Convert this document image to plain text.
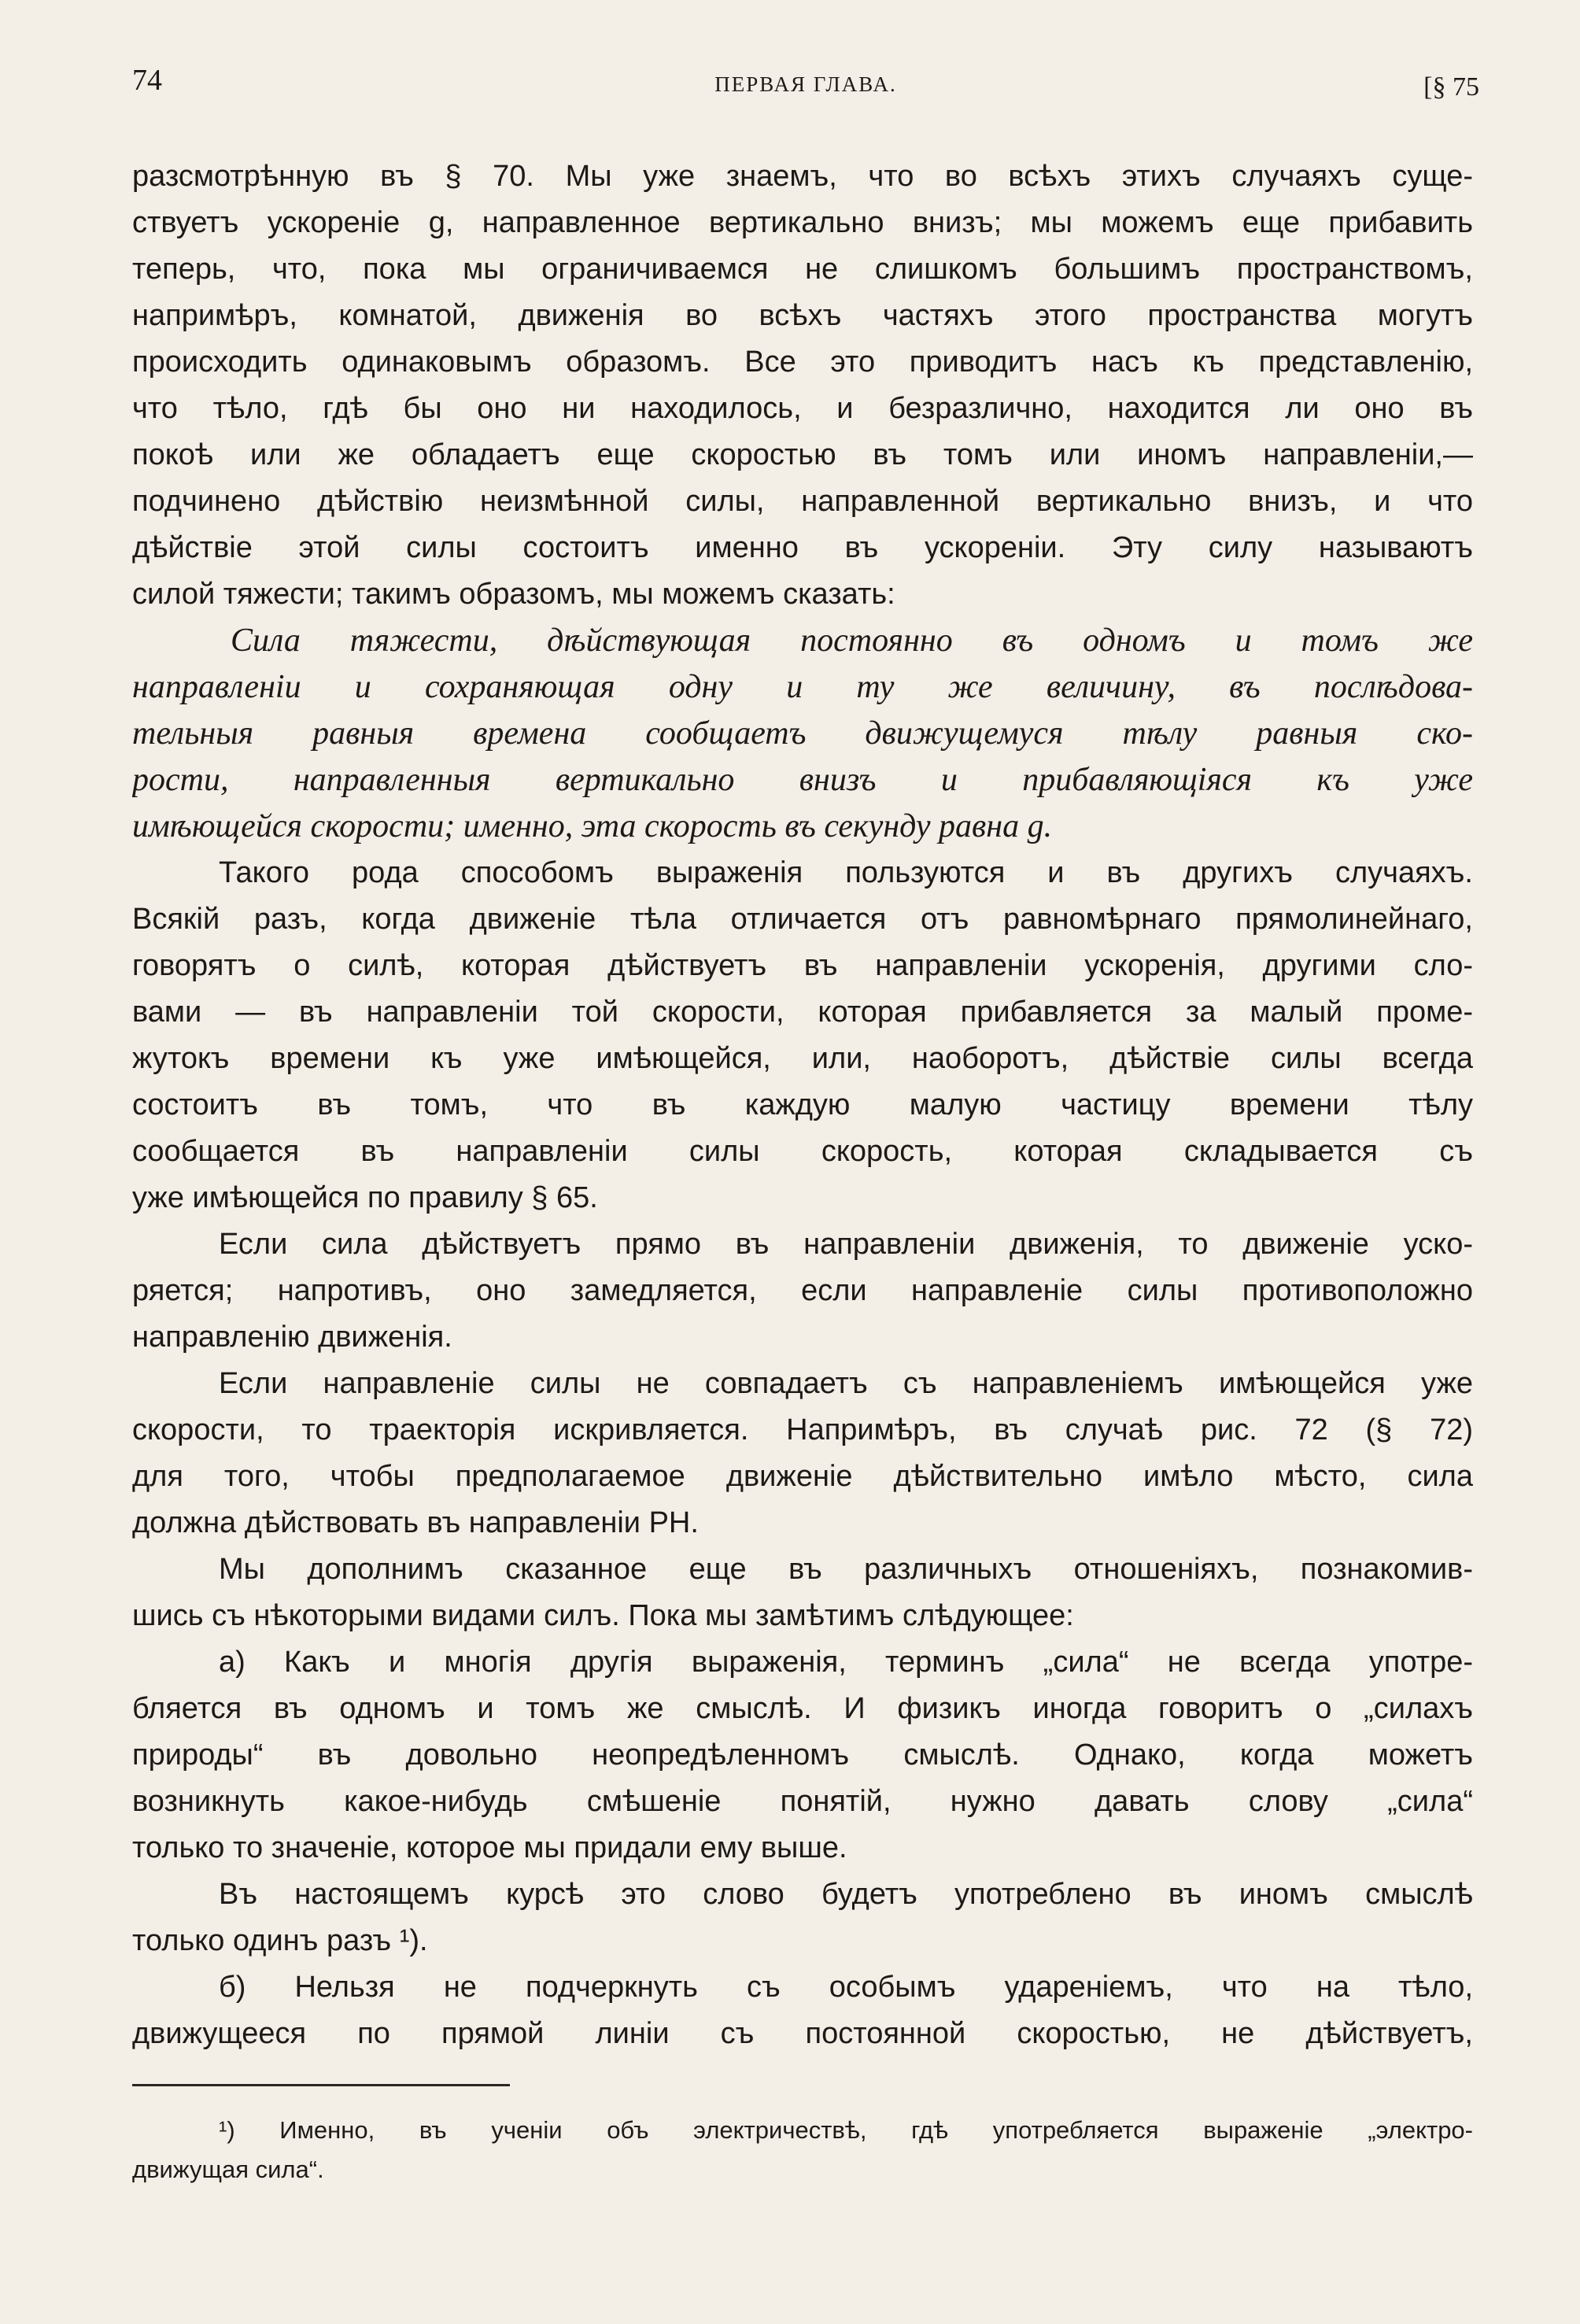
74	ПЕРВАЯ ГЛАВА.	[§ 75
разсмотрѣнную въ § 70. Мы уже знаемъ, что во всѣхъ этихъ случаяхъ суще-
ствуетъ ускореніе g, направленное вертикально внизъ; мы можемъ еще прибавить
теперь, что, пока мы ограничиваемся не слишкомъ большимъ пространствомъ,
напримѣръ, комнатой, движенія во всѣхъ частяхъ этого пространства могутъ
происходить одинаковымъ образомъ. Все это приводитъ насъ къ представленію,
что тѣло, гдѣ бы оно ни находилось, и безразлично, находится ли оно въ
покоѣ или же обладаетъ еще скоростью въ томъ или иномъ направленіи,—
подчинено дѣйствію неизмѣнной силы, направленной вертикально внизъ, и что
дѣйствіе этой силы состоитъ именно въ ускореніи. Эту силу называютъ
силой тяжести; такимъ образомъ, мы можемъ сказать:
Сила тяжести, дѣйствующая постоянно въ одномъ и томъ же
направленіи и сохраняющая одну и ту же величину, въ послѣдова-
тельныя равныя времена сообщаетъ движущемуся тѣлу равныя ско-
рости, направленныя вертикально внизъ и прибавляющіяся къ уже
имѣющейся скорости; именно, эта скорость въ секунду равна g.
Такого рода способомъ выраженія пользуются и въ другихъ случаяхъ.
Всякій разъ, когда движеніе тѣла отличается отъ равномѣрнаго прямолинейнаго,
говорятъ о силѣ, которая дѣйствуетъ въ направленіи ускоренія, другими сло-
вами — въ направленіи той скорости, которая прибавляется за малый проме-
жутокъ времени къ уже имѣющейся, или, наоборотъ, дѣйствіе силы всегда
состоитъ въ томъ, что въ каждую малую частицу времени тѣлу
сообщается въ направленіи силы скорость, которая складывается съ
уже имѣющейся по правилу § 65.
Если сила дѣйствуетъ прямо въ направленіи движенія, то движеніе уско-
ряется; напротивъ, оно замедляется, если направленіе силы противоположно
направленію движенія.
Если направленіе силы не совпадаетъ съ направленіемъ имѣющейся уже
скорости, то траекторія искривляется. Напримѣръ, въ случаѣ рис. 72 (§ 72)
для того, чтобы предполагаемое движеніе дѣйствительно имѣло мѣсто, сила
должна дѣйствовать въ направленіи PH.
Мы дополнимъ сказанное еще въ различныхъ отношеніяхъ, познакомив-
шись съ нѣкоторыми видами силъ. Пока мы замѣтимъ слѣдующее:
а) Какъ и многія другія выраженія, терминъ „сила“ не всегда употре-
бляется въ одномъ и томъ же смыслѣ. И физикъ иногда говоритъ о „силахъ
природы“ въ довольно неопредѣленномъ смыслѣ. Однако, когда можетъ
возникнуть какое-нибудь смѣшеніе понятій, нужно давать слову „сила“
только то значеніе, которое мы придали ему выше.
Въ настоящемъ курсѣ это слово будетъ употреблено въ иномъ смыслѣ
только одинъ разъ ¹).
б) Нельзя не подчеркнуть съ особымъ удареніемъ, что на тѣло,
движущееся по прямой линіи съ постоянной скоростью, не дѣйствуетъ,
¹) Именно, въ ученіи объ электричествѣ, гдѣ употребляется выраженіе „электро-
движущая сила“.
